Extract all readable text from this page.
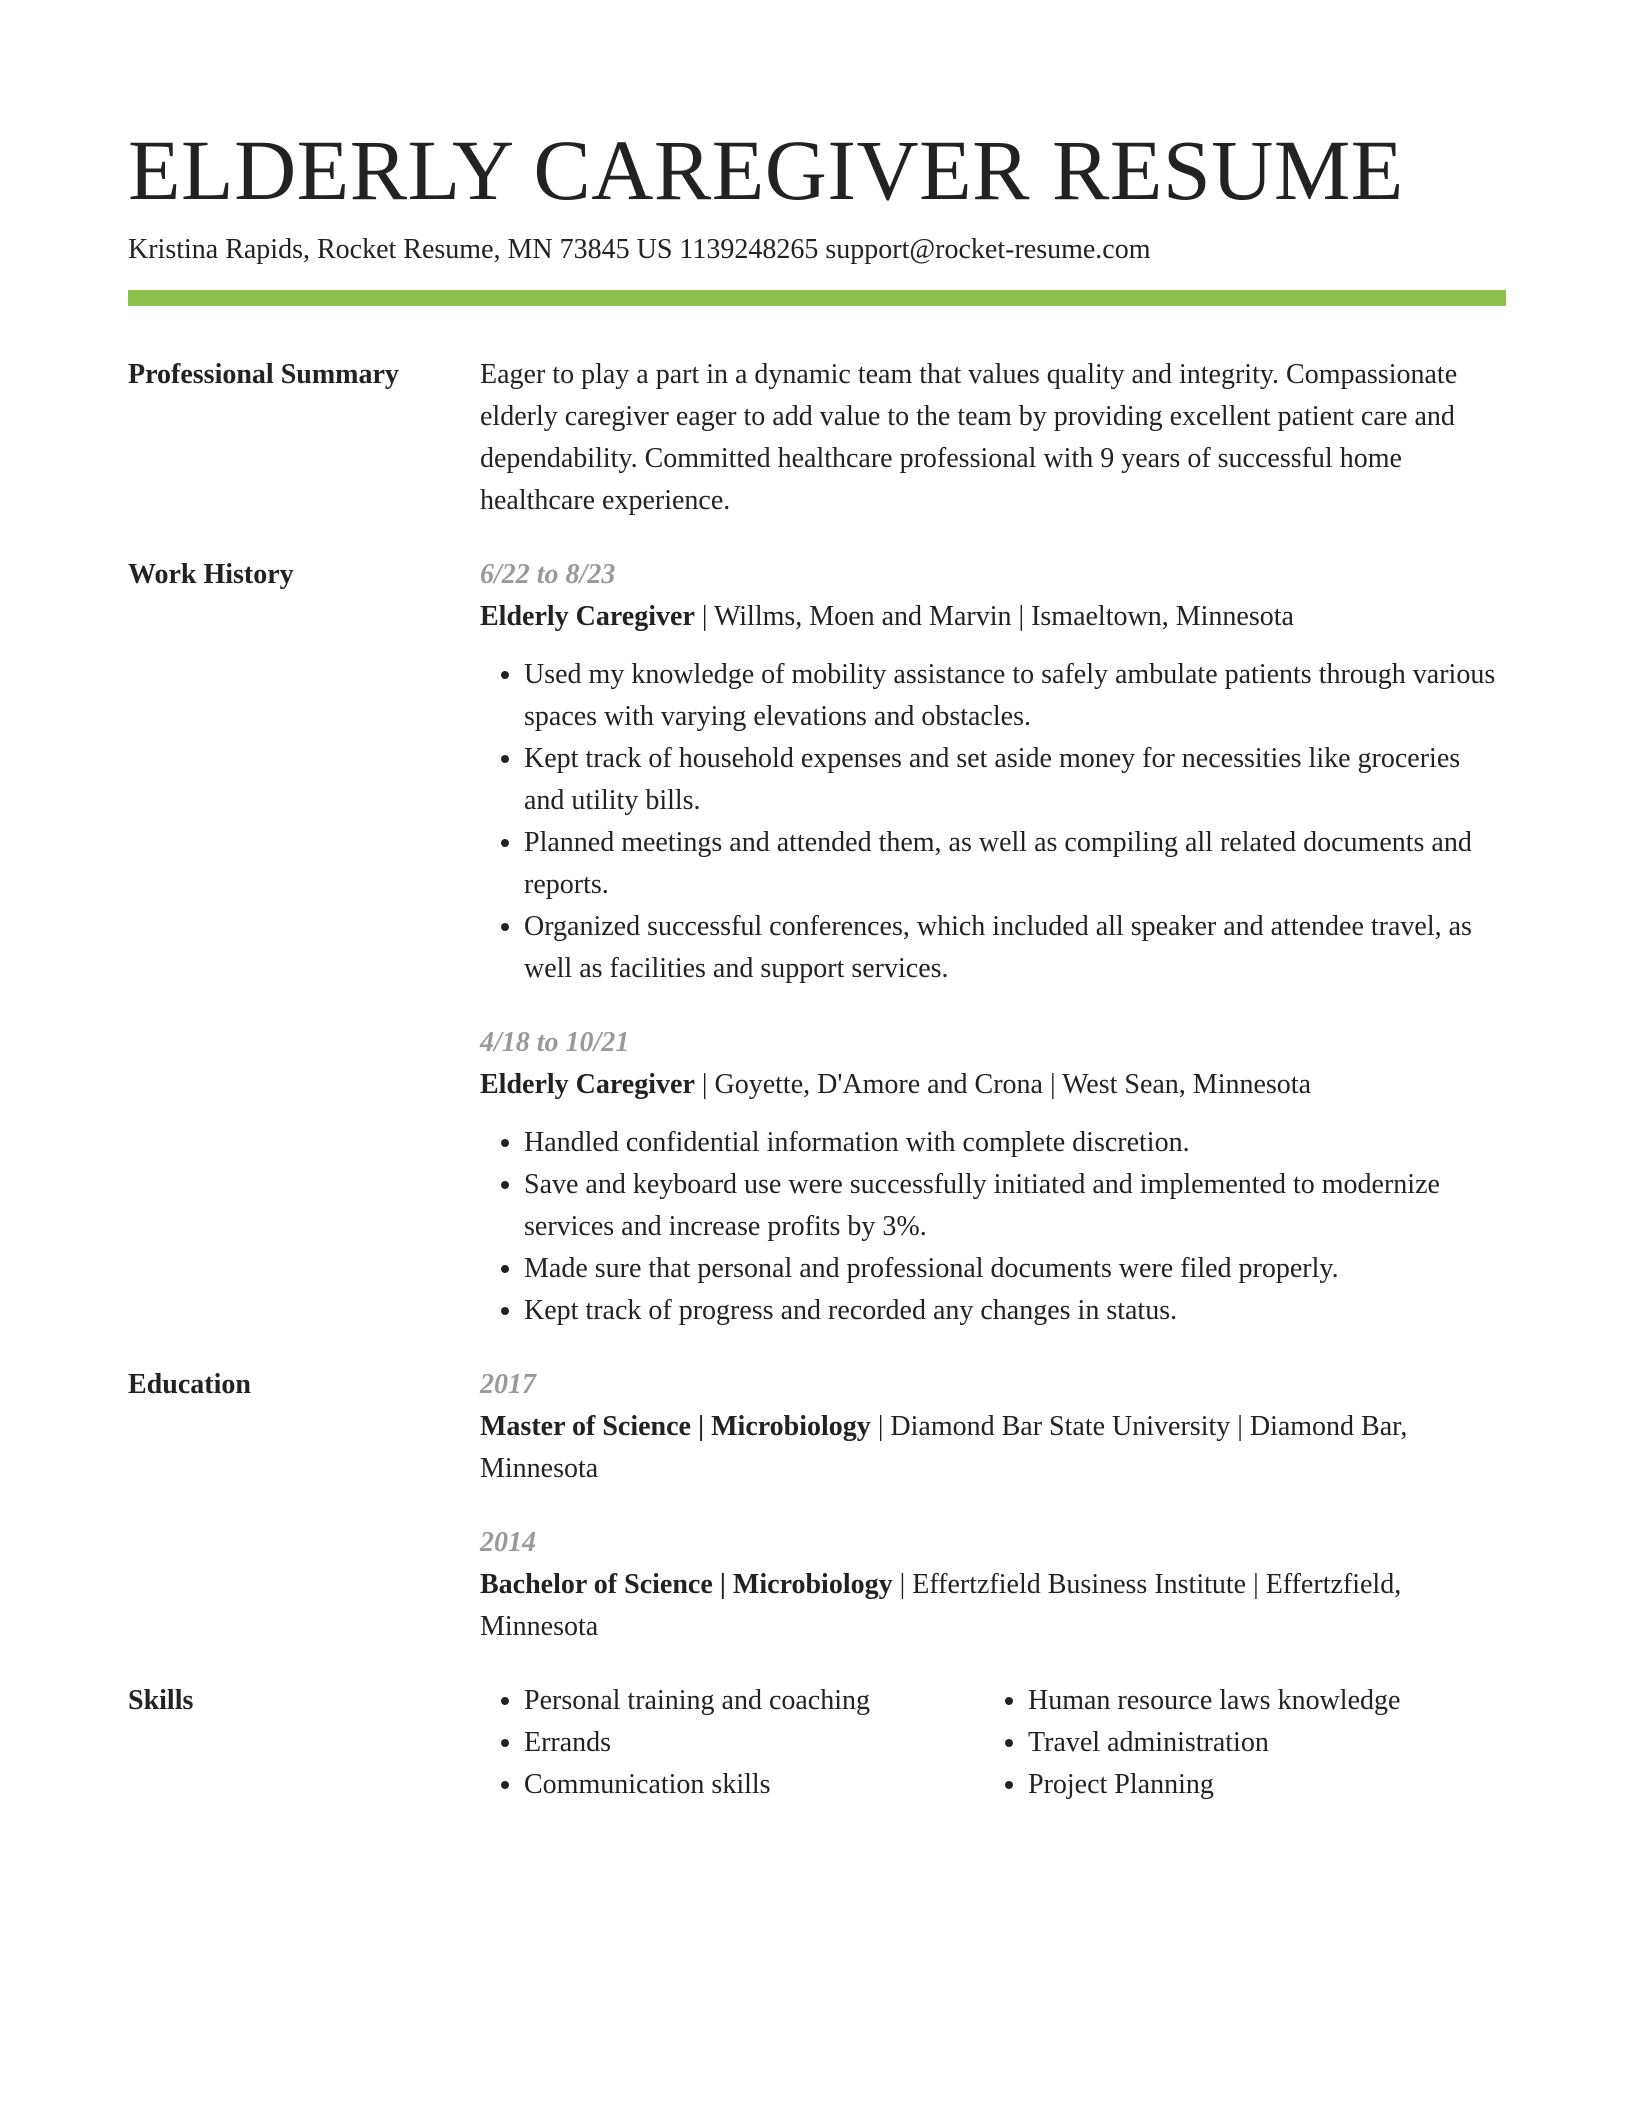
ELDERLY CAREGIVER RESUME
Kristina Rapids, Rocket Resume, MN 73845 US 1139248265 support@rocket-resume.com
Professional Summary	Eager to play a part in a dynamic team that values quality and integrity. Compassionate elderly caregiver eager to add value to the team by providing excellent patient care and dependability. Committed healthcare professional with 9 years of successful home healthcare experience.
Work History	6/22 to 8/23
Elderly Caregiver | Willms, Moen and Marvin | Ismaeltown, Minnesota
• Used my knowledge of mobility assistance to safely ambulate patients through various spaces with varying elevations and obstacles.
• Kept track of household expenses and set aside money for necessities like groceries and utility bills.
• Planned meetings and attended them, as well as compiling all related documents and reports.
• Organized successful conferences, which included all speaker and attendee travel, as well as facilities and support services.
4/18 to 10/21
Elderly Caregiver | Goyette, D'Amore and Crona | West Sean, Minnesota
• Handled confidential information with complete discretion.
• Save and keyboard use were successfully initiated and implemented to modernize services and increase profits by 3%.
• Made sure that personal and professional documents were filed properly.
• Kept track of progress and recorded any changes in status.
Education	2017
Master of Science | Microbiology | Diamond Bar State University | Diamond Bar, Minnesota
2014
Bachelor of Science | Microbiology | Effertzfield Business Institute | Effertzfield, Minnesota
Skills
•	Personal training and coaching
• Errands
• Communication skills
• Human resource laws knowledge
• Travel administration
• Project Planning
